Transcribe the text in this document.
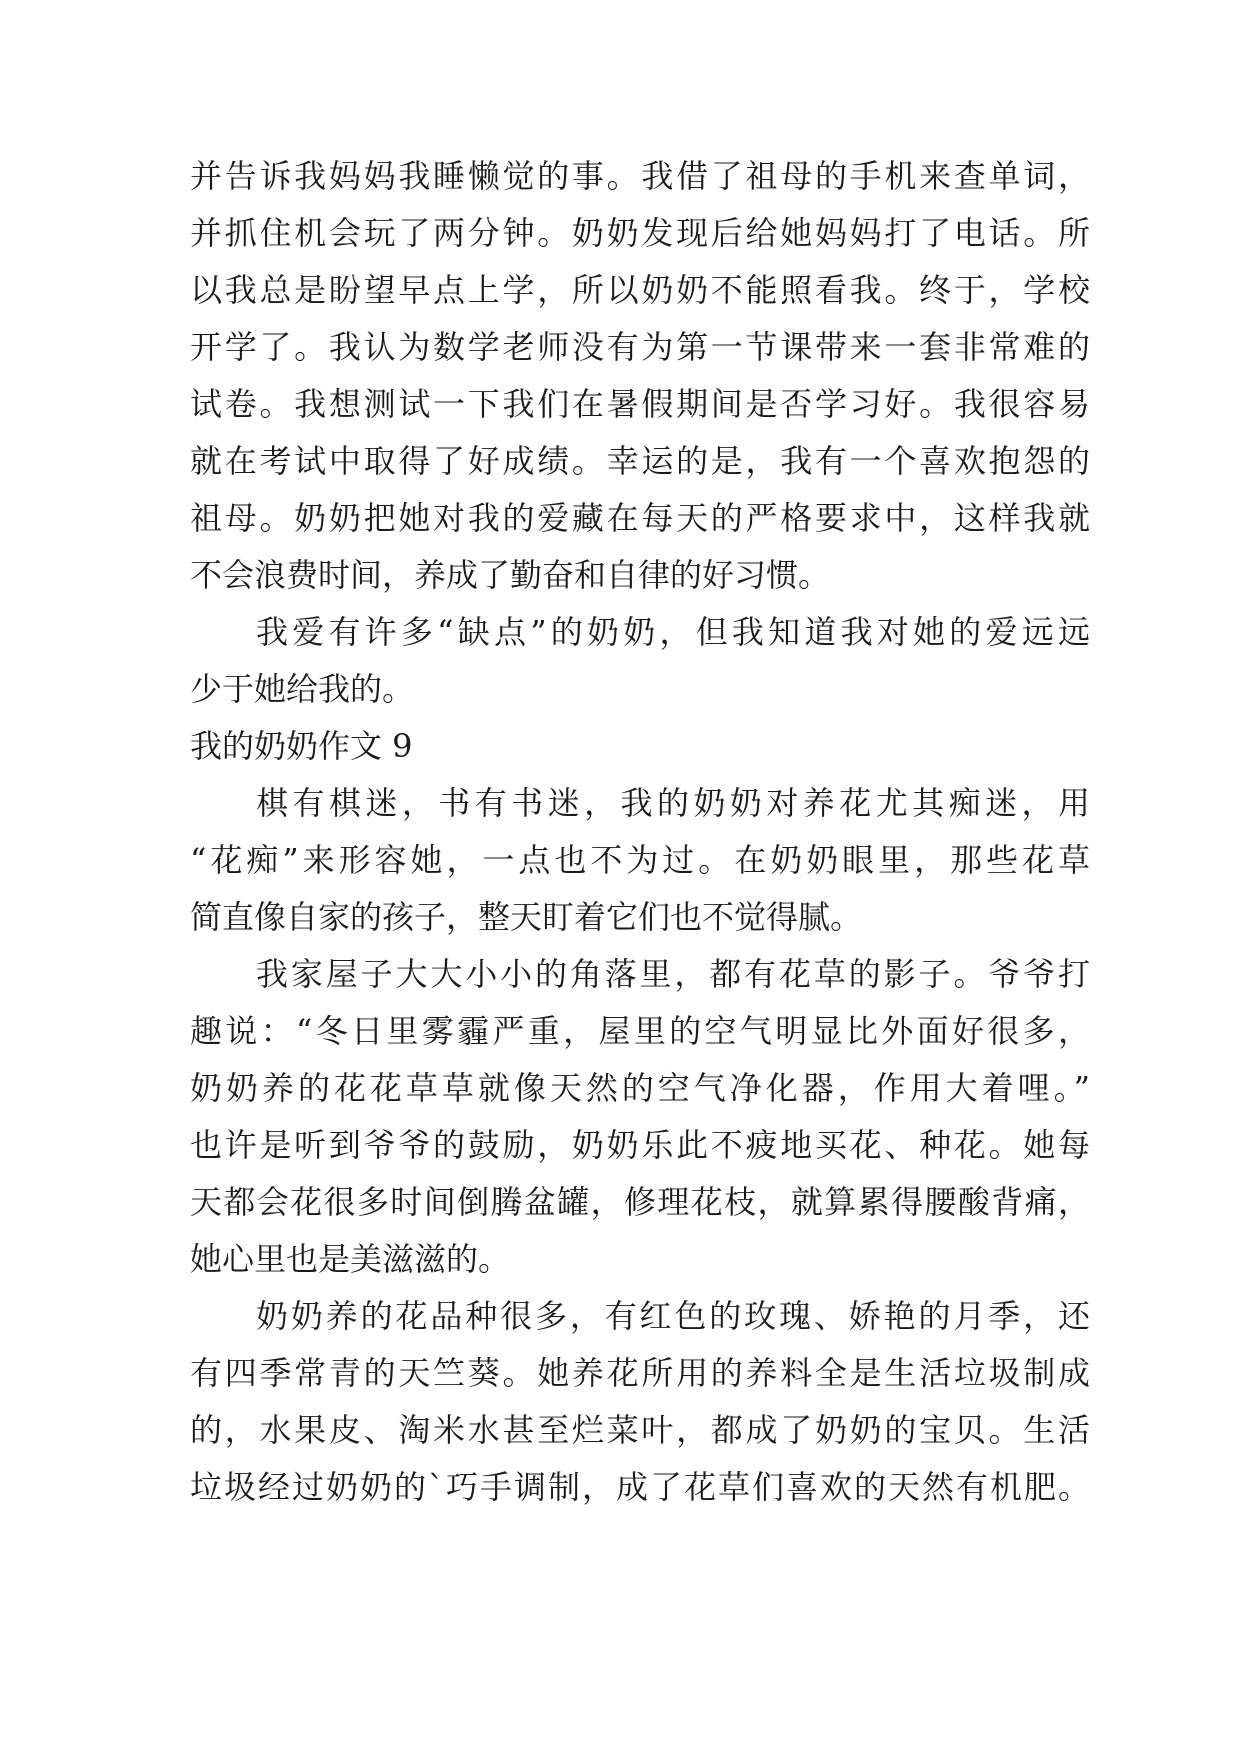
并告诉我妈妈我睡懒觉的事。我借了祖母的手机来查单词，
并抓住机会玩了两分钟。奶奶发现后给她妈妈打了电话。所
以我总是盼望早点上学，所以奶奶不能照看我。终于，学校
开学了。我认为数学老师没有为第一节课带来一套非常难的
试卷。我想测试一下我们在暑假期间是否学习好。我很容易
就在考试中取得了好成绩。幸运的是，我有一个喜欢抱怨的
祖母。奶奶把她对我的爱藏在每天的严格要求中，这样我就
不会浪费时间，养成了勤奋和自律的好习惯。
我爱有许多“缺点”的奶奶，但我知道我对她的爱远远
少于她给我的。
我的奶奶作文 9
棋有棋迷，书有书迷，我的奶奶对养花尤其痴迷，用
“花痴”来形容她，一点也不为过。在奶奶眼里，那些花草
简直像自家的孩子，整天盯着它们也不觉得腻。
我家屋子大大小小的角落里，都有花草的影子。爷爷打
趣说：“冬日里雾霾严重，屋里的空气明显比外面好很多，
奶奶养的花花草草就像天然的空气净化器，作用大着哩。”
也许是听到爷爷的鼓励，奶奶乐此不疲地买花、种花。她每
天都会花很多时间倒腾盆罐，修理花枝，就算累得腰酸背痛，
她心里也是美滋滋的。
奶奶养的花品种很多，有红色的玫瑰、娇艳的月季，还
有四季常青的天竺葵。她养花所用的养料全是生活垃圾制成
的，水果皮、淘米水甚至烂菜叶，都成了奶奶的宝贝。生活
垃圾经过奶奶的`巧手调制，成了花草们喜欢的天然有机肥。
